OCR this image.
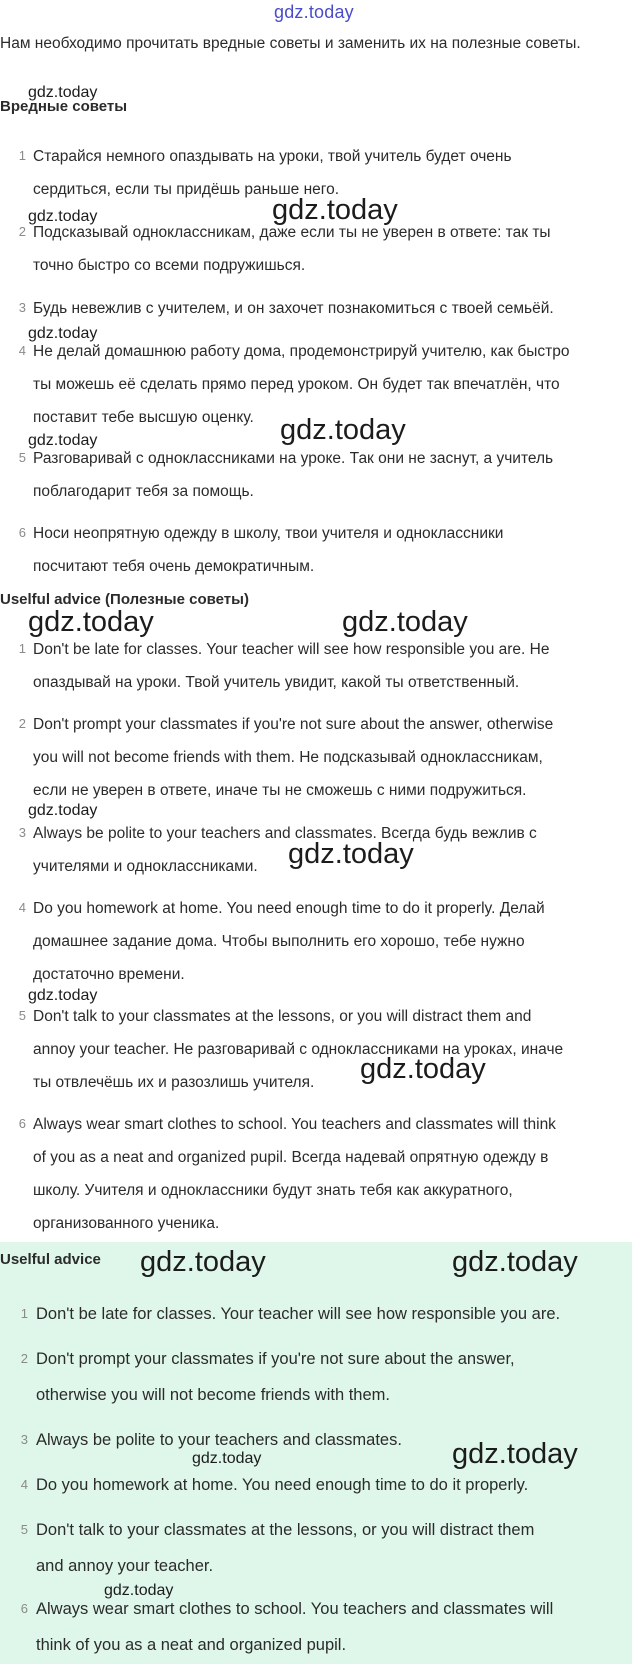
gdz.today
Нам необходимо прочитать вредные советы и заменить их на полезные советы.
Вредные советы
1 Старайся немного опаздывать на уроки, твой учитель будет очень
сердиться, если ты придёшь раньше него.
2 Подсказывай одноклассникам, даже если ты не уверен в ответе: так ты
точно быстро со всеми подружишься.
3 Будь невежлив с учителем, и он захочет познакомиться с твоей семьёй.
4 Не делай домашнюю работу дома, продемонстрируй учителю, как быстро
ты можешь её сделать прямо перед уроком. Он будет так впечатлён, что
поставит тебе высшую оценку.
5 Разговаривай с одноклассниками на уроке. Так они не заснут, а учитель
поблагодарит тебя за помощь.
6 Носи неопрятную одежду в школу, твои учителя и одноклассники
посчитают тебя очень демократичным.
Uselful advice (Полезные советы)
1 Don't be late for classes. Your teacher will see how responsible you are. Не
опаздывай на уроки. Твой учитель увидит, какой ты ответственный.
2 Don't prompt your classmates if you're not sure about the answer, otherwise
you will not become friends with them. Не подсказывай одноклассникам,
если не уверен в ответе, иначе ты не сможешь с ними подружиться.
3 Always be polite to your teachers and classmates. Всегда будь вежлив с
учителями и одноклассниками.
4 Do you homework at home. You need enough time to do it properly. Делай
домашнее задание дома. Чтобы выполнить его хорошо, тебе нужно
достаточно времени.
5 Don't talk to your classmates at the lessons, or you will distract them and
annoy your teacher. Не разговаривай с одноклассниками на уроках, иначе
ты отвлечёшь их и разозлишь учителя.
6 Always wear smart clothes to school. You teachers and classmates will think
of you as a neat and organized pupil. Всегда надевай опрятную одежду в
школу. Учителя и одноклассники будут знать тебя как аккуратного,
организованного ученика.
Uselful advice
1 Don't be late for classes. Your teacher will see how responsible you are.
2 Don't prompt your classmates if you're not sure about the answer,
otherwise you will not become friends with them.
3 Always be polite to your teachers and classmates.
4 Do you homework at home. You need enough time to do it properly.
5 Don't talk to your classmates at the lessons, or you will distract them
and annoy your teacher.
6 Always wear smart clothes to school. You teachers and classmates will
think of you as a neat and organized pupil.
gdz.today
gdz.today	gdz.today
gdz.today
gdz.today	gdz.today
gdz.today	gdz.today
gdz.today
gdz.today
gdz.today
gdz.today
gdz.today	gdz.today
gdz.today	gdz.today
gdz.today
